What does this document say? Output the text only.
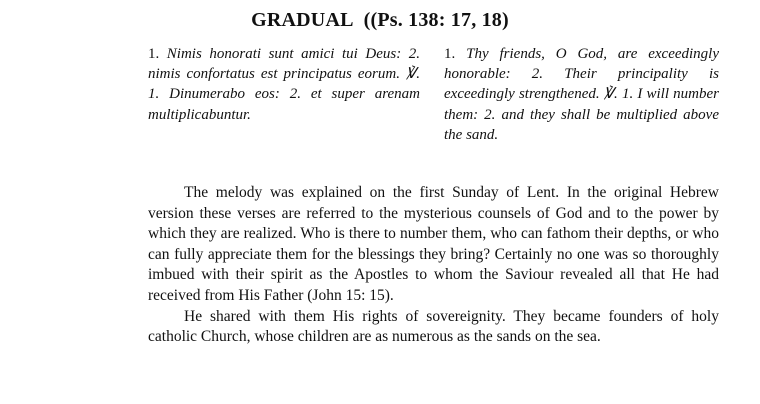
GRADUAL ((Ps. 138: 17, 18)
1. Nimis honorati sunt amici tui Deus: 2. nimis confortatus est principatus eorum. ℣. 1. Dinumerabo eos: 2. et super arenam multiplicabuntur.
1. Thy friends, O God, are exceedingly honorable: 2. Their principality is exceedingly strengthened. ℣. 1. I will number them: 2. and they shall be multiplied above the sand.

The melody was explained on the first Sunday of Lent. In the original Hebrew version these verses are referred to the mysterious counsels of God and to the power by which they are realized. Who is there to number them, who can fathom their depths, or who can fully appreciate them for the blessings they bring? Certainly no one was so thoroughly imbued with their spirit as the Apostles to whom the Saviour revealed all that He had received from His Father (John 15: 15).

He shared with them His rights of sovereignity. They became founders of holy catholic Church, whose children are as numerous as the sands on the sea.
